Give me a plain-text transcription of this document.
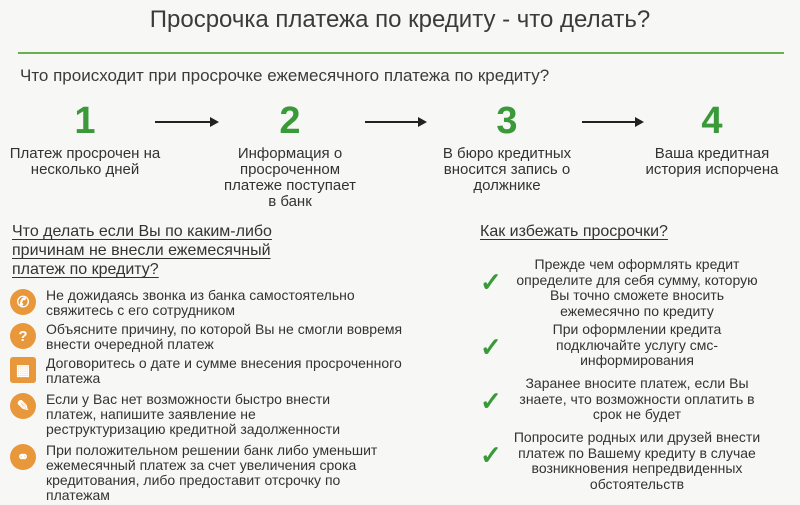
Просрочка платежа по кредиту - что делать?
Что происходит при просрочке ежемесячного платежа по кредиту?
1
Платеж просрочен на несколько дней
2
Информация о просроченном платеже поступает в банк
3
В бюро кредитных вносится запись о должнике
4
Ваша кредитная история испорчена
Что делать если Вы по каким-либо причинам не внесли ежемесячный платеж по кредиту?
✆	Не дожидаясь звонка из банка самостоятельно свяжитесь с его сотрудником
?	Объясните причину, по которой Вы не смогли вовремя внести очередной платеж
▦	Договоритесь о дате и сумме внесения просроченного платежа
✎	Если у Вас нет возможности быстро внести платеж, напишите заявление не реструктуризацию кредитной задолженности
⚭	При положительном решении банк либо уменьшит ежемесячный платеж за счет увеличения срока кредитования, либо предоставит отсрочку по платежам
Как избежать просрочки?
✓
Прежде чем оформлять кредит определите для себя сумму, которую Вы точно сможете вносить ежемесячно по кредиту
✓
При оформлении кредита подключайте услугу смс-информирования
✓
Заранее вносите платеж, если Вы знаете, что возможности оплатить в срок не будет
✓
Попросите родных или друзей внести платеж по Вашему кредиту в случае возникновения непредвиденных обстоятельств
